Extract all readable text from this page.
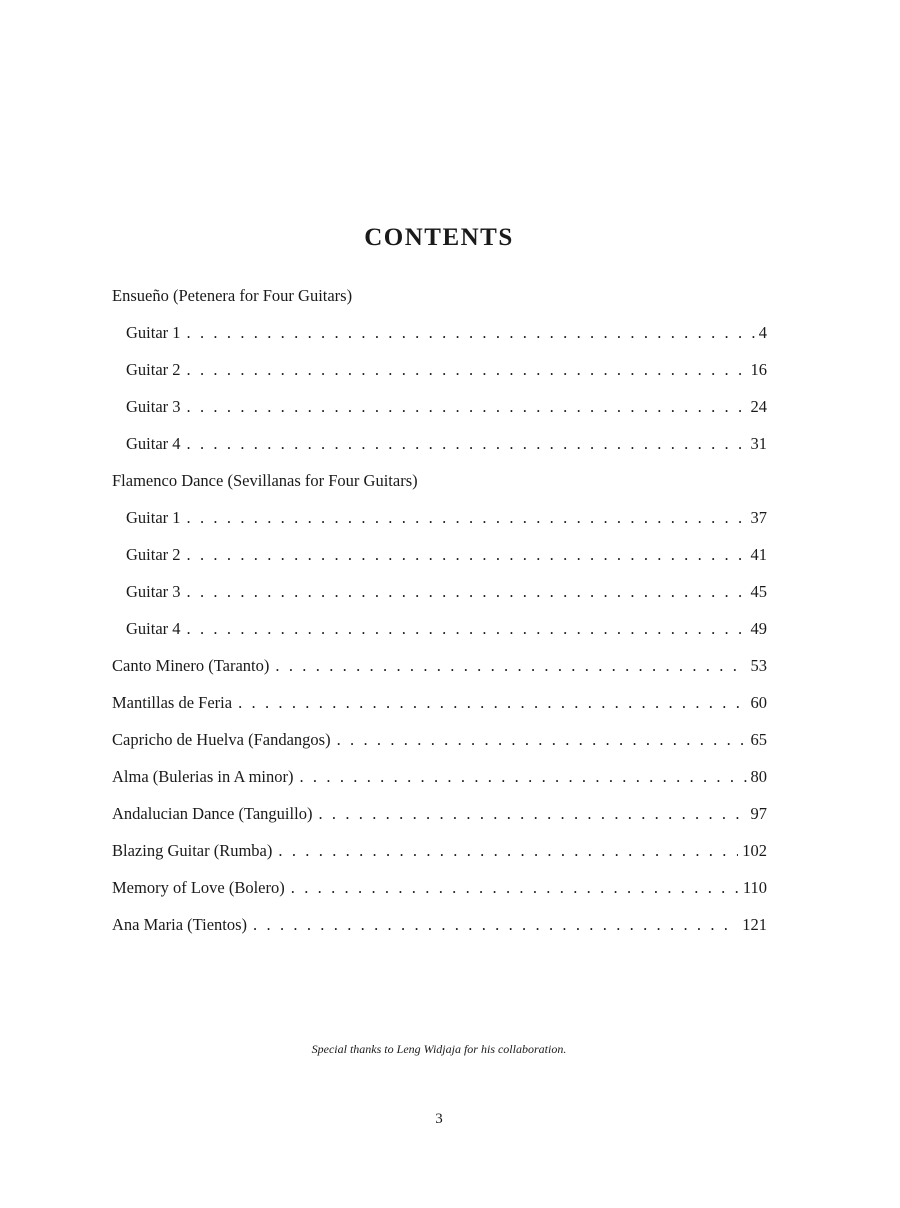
CONTENTS
Ensueño (Petenera for Four Guitars)
Guitar 1 . . .	4
Guitar 2 . . .	16
Guitar 3 . . .	24
Guitar 4 . . .	31
Flamenco Dance (Sevillanas for Four Guitars)
Guitar 1 . . .	37
Guitar 2 . . .	41
Guitar 3 . . .	45
Guitar 4 . . .	49
Canto Minero (Taranto) . . .	53
Mantillas de Feria . . .	60
Capricho de Huelva (Fandangos) . . .	65
Alma (Bulerias in A minor) . . .	80
Andalucian Dance (Tanguillo) . . .	97
Blazing Guitar (Rumba) . . .	102
Memory of Love (Bolero) . . .	110
Ana Maria (Tientos) . . .	121
Special thanks to Leng Widjaja for his collaboration.
3
